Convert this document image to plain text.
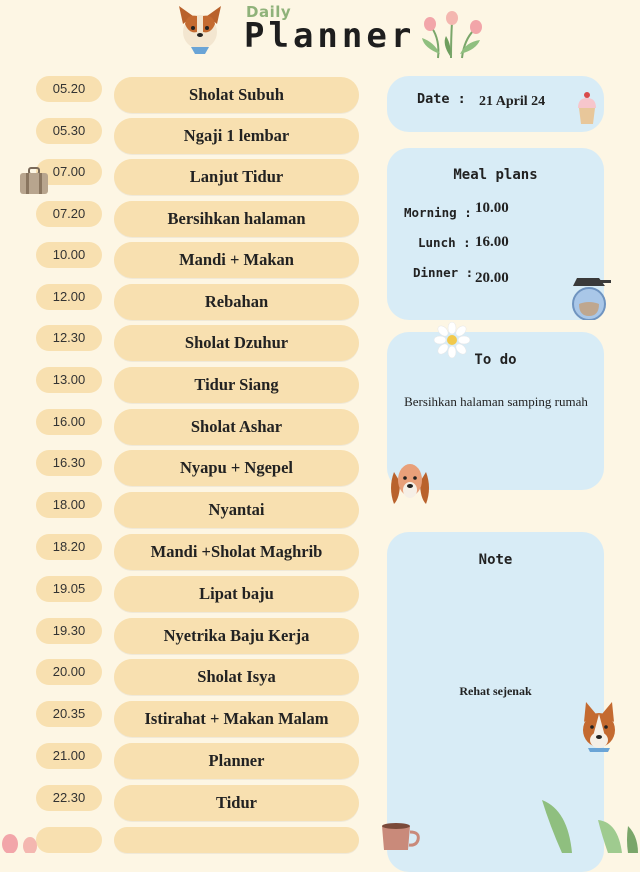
Daily
Planner
05.20	Sholat Subuh
05.30	Ngaji 1 lembar
07.00	Lanjut Tidur
07.20	Bersihkan halaman
10.00	Mandi + Makan
12.00	Rebahan
12.30	Sholat Dzuhur
13.00	Tidur Siang
16.00	Sholat Ashar
16.30	Nyapu + Ngepel
18.00	Nyantai
18.20	Mandi +Sholat Maghrib
19.05	Lipat baju
19.30	Nyetrika Baju Kerja
20.00	Sholat Isya
20.35	Istirahat + Makan Malam
21.00	Planner
22.30	Tidur
Date : 21 April 24
Meal plans
Morning : 10.00
Lunch : 16.00
Dinner : 20.00
To do
Bersihkan halaman samping rumah
Note
Rehat sejenak
